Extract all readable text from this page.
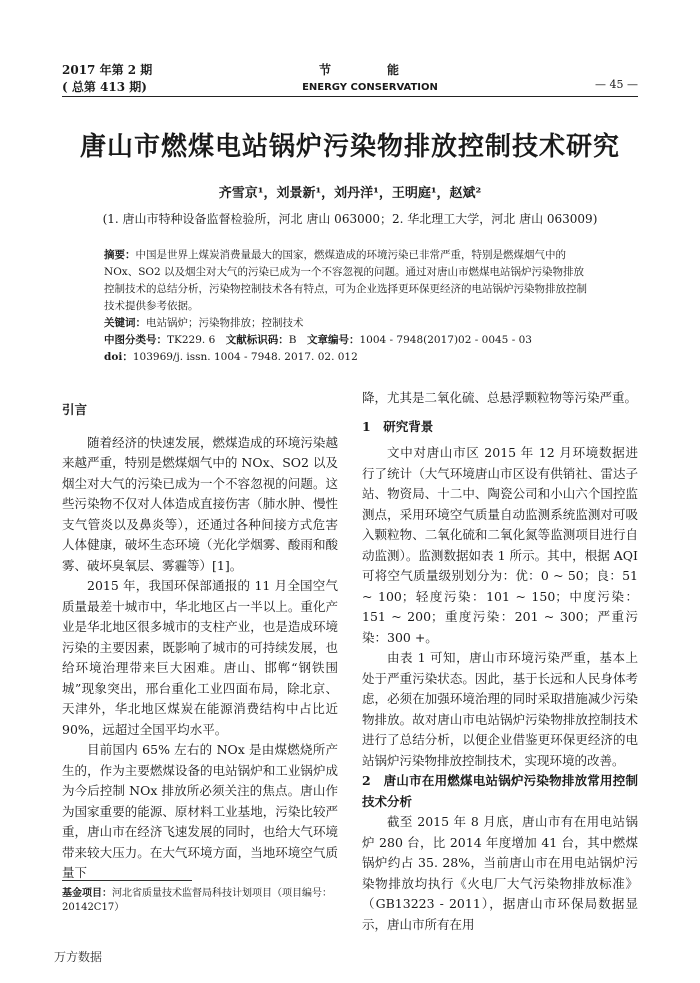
2017 年第 2 期
( 总第 413 期)
节　能
ENERGY CONSERVATION	— 45 —
唐山市燃煤电站锅炉污染物排放控制技术研究
齐雪京¹，刘景新¹，刘丹洋¹，王明庭¹，赵斌²
(1. 唐山市特种设备监督检验所，河北 唐山 063000；2. 华北理工大学，河北 唐山 063009)

摘要：中国是世界上煤炭消费量最大的国家，燃煤造成的环境污染已非常严重，特别是燃煤烟气中的 NOx、SO2 以及烟尘对大气的污染已成为一个不容忽视的问题。通过对唐山市燃煤电站锅炉污染物排放控制技术的总结分析，污染物控制技术各有特点，可为企业选择更环保更经济的电站锅炉污染物排放控制技术提供参考依据。

关键词：电站锅炉；污染物排放；控制技术

中图分类号：TK229. 6　 文献标识码：B　 文章编号：1004 - 7948(2017)02 - 0045 - 03

doi：103969/j. issn. 1004 - 7948. 2017. 02. 012

引言

随着经济的快速发展，燃煤造成的环境污染越来越严重，特别是燃煤烟气中的 NOx、SO2 以及烟尘对大气的污染已成为一个不容忽视的问题。这些污染物不仅对人体造成直接伤害（肺水肿、慢性支气管炎以及鼻炎等），还通过各种间接方式危害人体健康，破坏生态环境（光化学烟雾、酸雨和酸雾、破坏臭氧层、雾霾等）[1]。

2015 年，我国环保部通报的 11 月全国空气质量最差十城市中，华北地区占一半以上。重化产业是华北地区很多城市的支柱产业，也是造成环境污染的主要因素，既影响了城市的可持续发展，也给环境治理带来巨大困难。唐山、邯郸“钢铁围城”现象突出，邢台重化工业四面布局，除北京、天津外，华北地区煤炭在能源消费结构中占比近 90%，远超过全国平均水平。

目前国内 65% 左右的 NOx 是由煤燃烧所产生的，作为主要燃煤设备的电站锅炉和工业锅炉成为今后控制 NOx 排放所必须关注的焦点。唐山作为国家重要的能源、原材料工业基地，污染比较严重，唐山市在经济飞速发展的同时，也给大气环境带来较大压力。在大气环境方面，当地环境空气质量下

降，尤其是二氧化硫、总悬浮颗粒物等污染严重。

1　研究背景

文中对唐山市区 2015 年 12 月环境数据进行了统计（大气环境唐山市区设有供销社、雷达子站、物资局、十二中、陶瓷公司和小山六个国控监测点，采用环境空气质量自动监测系统监测对可吸入颗粒物、二氧化硫和二氧化氮等监测项目进行自动监测）。监测数据如表 1 所示。其中，根据 AQI 可将空气质量级别划分为：优：0 ~ 50；良：51 ~ 100；轻度污染：101 ~ 150；中度污染：151 ~ 200；重度污染：201 ~ 300；严重污染：300 +。

由表 1 可知，唐山市环境污染严重，基本上处于严重污染状态。因此，基于长远和人民身体考虑，必须在加强环境治理的同时采取措施减少污染物排放。故对唐山市电站锅炉污染物排放控制技术进行了总结分析，以便企业借鉴更环保更经济的电站锅炉污染物排放控制技术，实现环境的改善。

2　唐山市在用燃煤电站锅炉污染物排放常用控制技术分析

截至 2015 年 8 月底，唐山市有在用电站锅炉 280 台，比 2014 年度增加 41 台，其中燃煤锅炉约占 35. 28%，当前唐山市在用电站锅炉污染物排放均执行《火电厂大气污染物排放标准》（GB13223 - 2011），据唐山市环保局数据显示，唐山市所有在用

基金项目：河北省质量技术监督局科技计划项目（项目编号：20142C17）
万方数据
